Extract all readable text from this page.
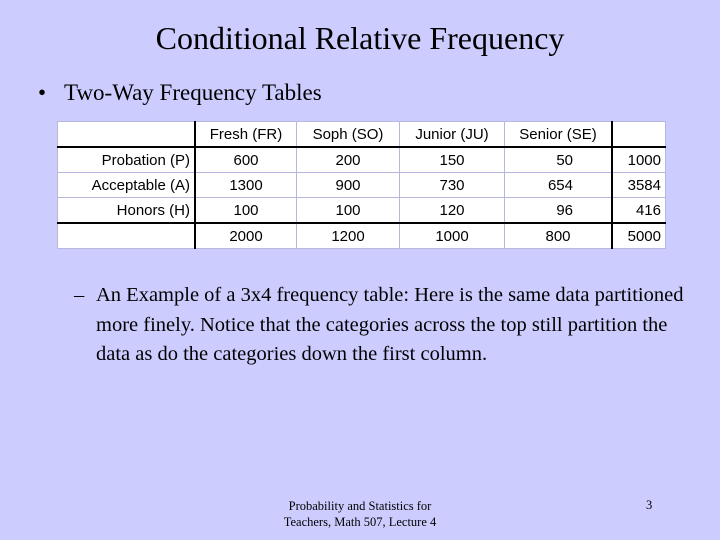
Conditional Relative Frequency
• Two-Way Frequency Tables
	Fresh (FR)	Soph (SO)	Junior (JU)	Senior (SE)	
Probation (P)	600	200	150	50	1000
Acceptable (A)	1300	900	730	654	3584
Honors (H)	100	100	120	96	416
	2000	1200	1000	800	5000
– An Example of a 3x4 frequency table: Here is the same data partitioned more finely. Notice that the categories across the top still partition the data as do the categories down the first column.
Probability and Statistics for
Teachers, Math 507, Lecture 4
3
